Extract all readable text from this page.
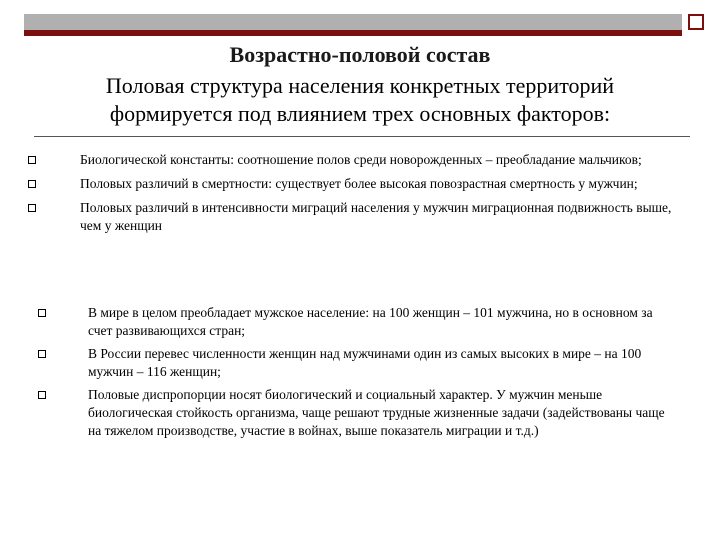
Возрастно-половой состав
Половая структура населения конкретных территорий
формируется под влиянием трех основных факторов:
Биологической константы: соотношение полов среди новорожденных – преобладание мальчиков;
Половых различий в смертности: существует более высокая повозрастная смертность у мужчин;
Половых различий в интенсивности миграций населения у мужчин миграционная подвижность выше, чем у женщин
В мире в целом преобладает мужское население: на 100 женщин – 101 мужчина, но в основном за счет развивающихся стран;
В России перевес численности женщин над мужчинами один из самых высоких в мире – на 100 мужчин – 116 женщин;
Половые диспропорции носят биологический и социальный характер. У мужчин меньше биологическая стойкость организма, чаще решают трудные жизненные задачи (задействованы чаще на тяжелом производстве, участие в войнах, выше показатель миграции и т.д.)
